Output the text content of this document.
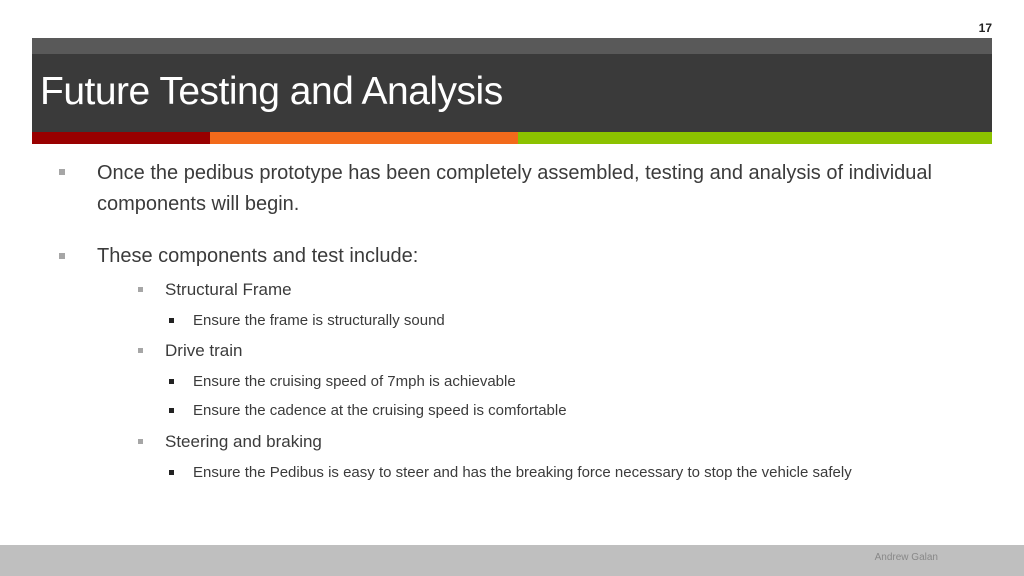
17
Future Testing and Analysis
Once the pedibus prototype has been completely assembled, testing and analysis of individual components will begin.
These components and test include:
Structural Frame
Ensure the frame is structurally sound
Drive train
Ensure the cruising speed of 7mph is achievable
Ensure the cadence at the cruising speed is comfortable
Steering and braking
Ensure the Pedibus is easy to steer and has the breaking force necessary to stop the vehicle safely
Andrew Galan
